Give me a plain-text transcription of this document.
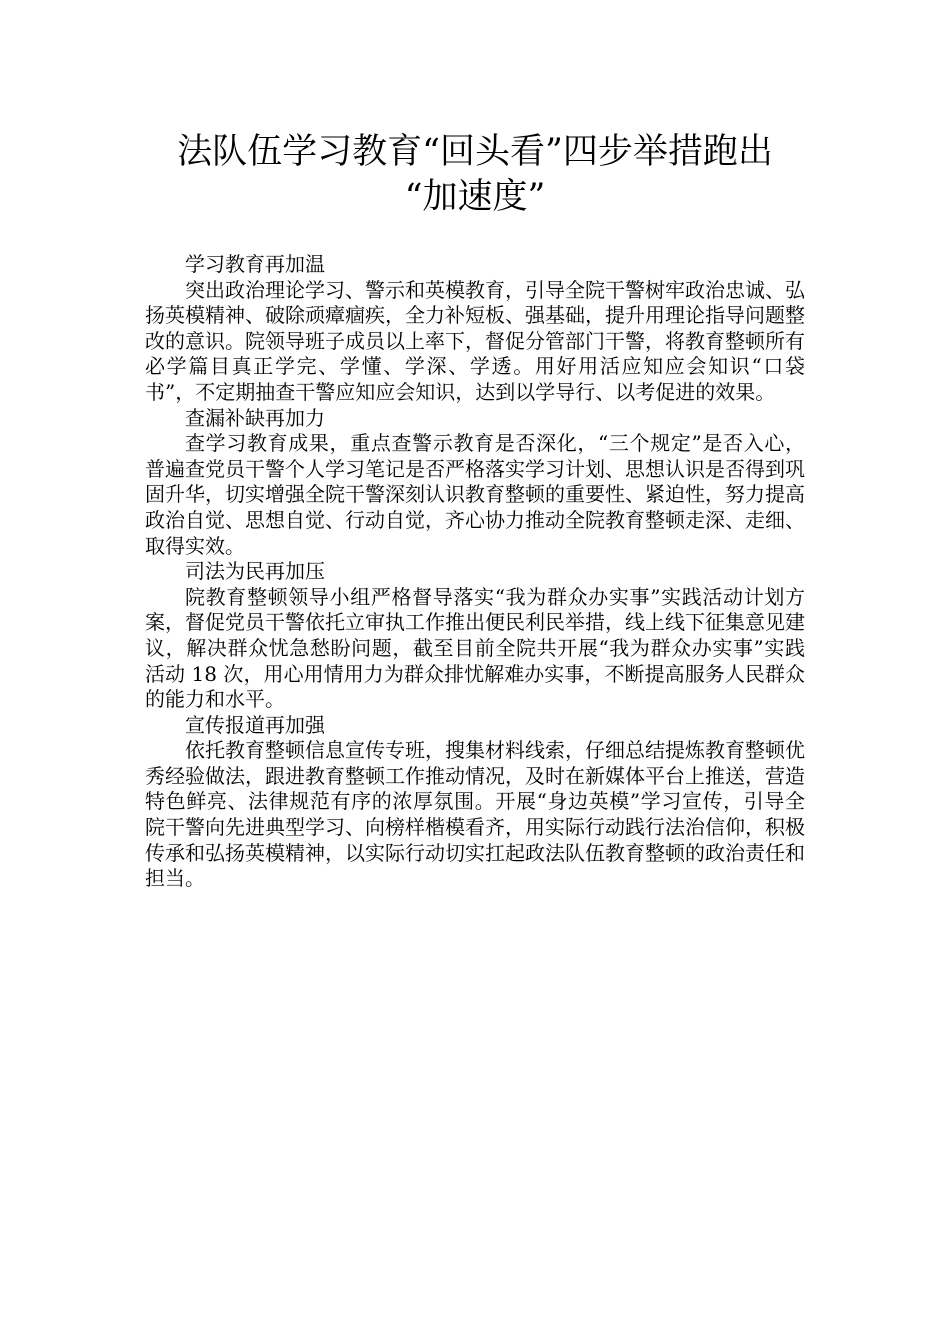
法队伍学习教育“回头看”四步举措跑出
“加速度”

学习教育再加温

突出政治理论学习、警示和英模教育，引导全院干警树牢政治忠诚、弘扬英模精神、破除顽瘴痼疾，全力补短板、强基础，提升用理论指导问题整改的意识。院领导班子成员以上率下，督促分管部门干警，将教育整顿所有必学篇目真正学完、学懂、学深、学透。用好用活应知应会知识“口袋书”，不定期抽查干警应知应会知识，达到以学导行、以考促进的效果。

查漏补缺再加力

查学习教育成果，重点查警示教育是否深化，“三个规定”是否入心，普遍查党员干警个人学习笔记是否严格落实学习计划、思想认识是否得到巩固升华，切实增强全院干警深刻认识教育整顿的重要性、紧迫性，努力提高政治自觉、思想自觉、行动自觉，齐心协力推动全院教育整顿走深、走细、取得实效。

司法为民再加压

院教育整顿领导小组严格督导落实“我为群众办实事”实践活动计划方案，督促党员干警依托立审执工作推出便民利民举措，线上线下征集意见建议，解决群众忧急愁盼问题，截至目前全院共开展“我为群众办实事”实践活动 18 次，用心用情用力为群众排忧解难办实事，不断提高服务人民群众的能力和水平。

宣传报道再加强

依托教育整顿信息宣传专班，搜集材料线索，仔细总结提炼教育整顿优秀经验做法，跟进教育整顿工作推动情况，及时在新媒体平台上推送，营造特色鲜亮、法律规范有序的浓厚氛围。开展“身边英模”学习宣传，引导全院干警向先进典型学习、向榜样楷模看齐，用实际行动践行法治信仰，积极传承和弘扬英模精神，以实际行动切实扛起政法队伍教育整顿的政治责任和担当。
